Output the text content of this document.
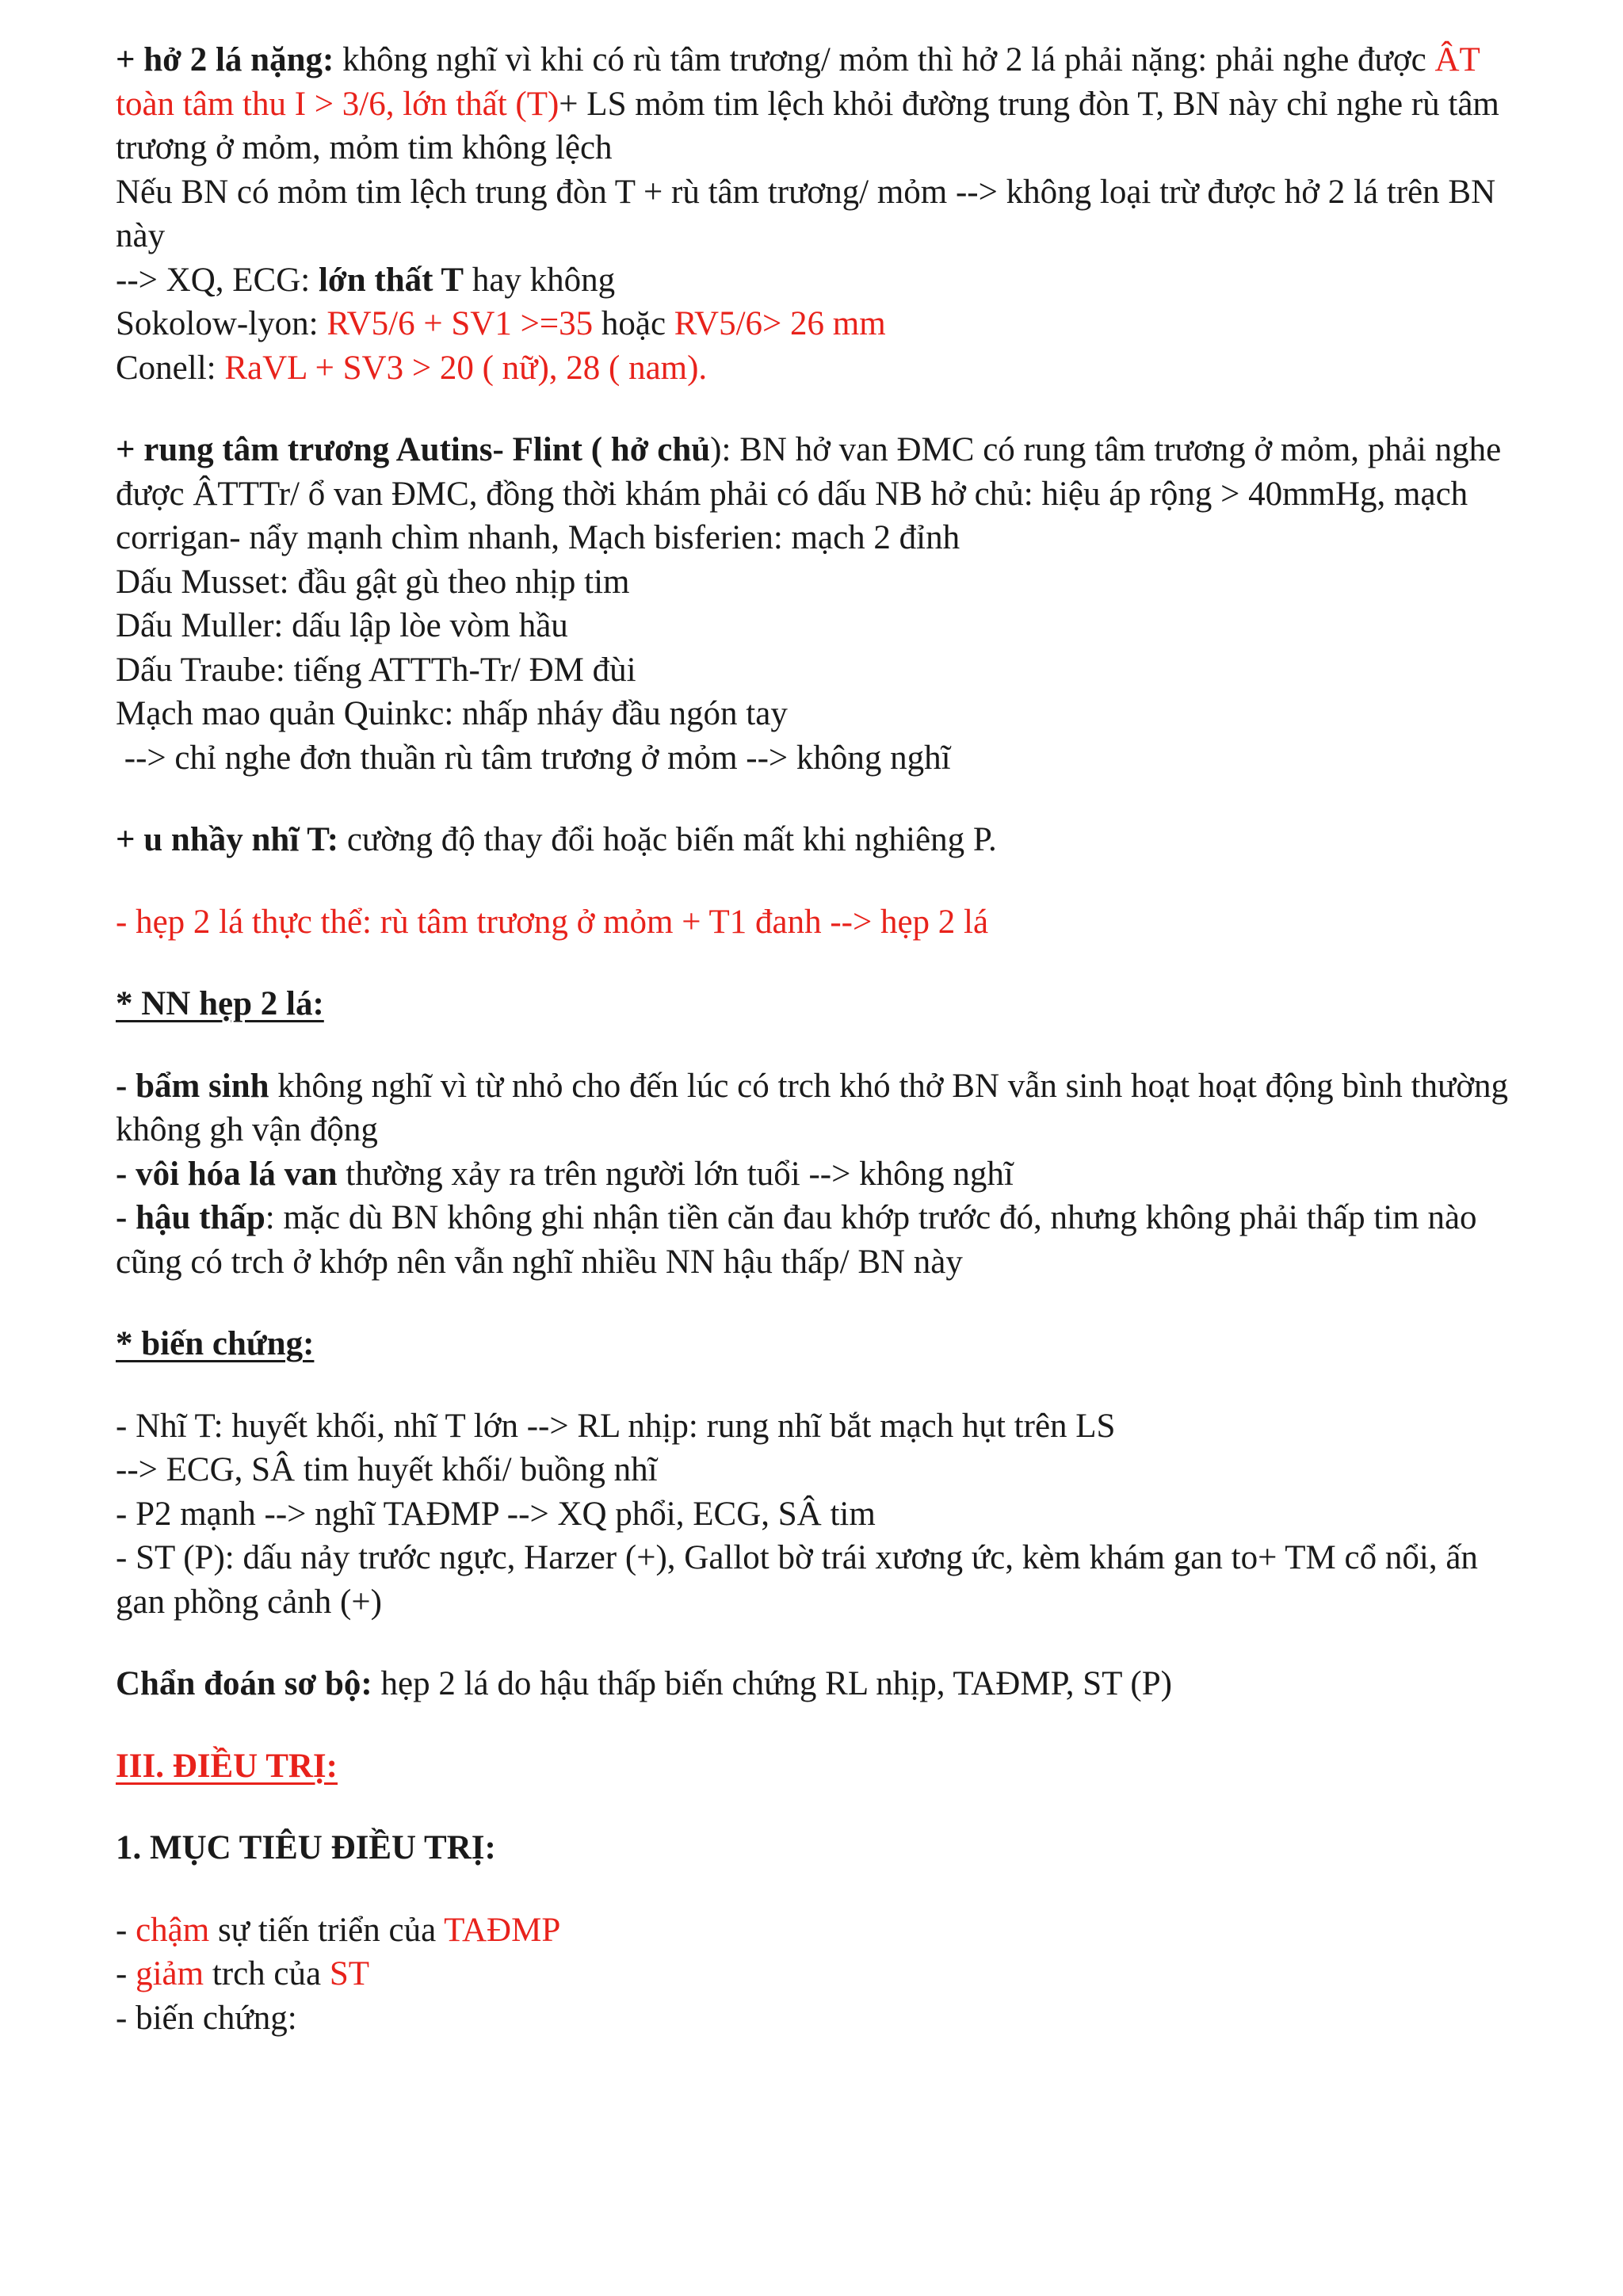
+ hở 2 lá nặng: không nghĩ vì khi có rù tâm trương/ mỏm thì hở 2 lá phải nặng: phải nghe được ÂT toàn tâm thu I > 3/6, lớn thất (T)+ LS mỏm tim lệch khỏi đường trung đòn T, BN này chỉ nghe rù tâm trương ở mỏm, mỏm tim không lệch

Nếu BN có mỏm tim lệch trung đòn T + rù tâm trương/ mỏm --> không loại trừ được hở 2 lá trên BN này

--> XQ, ECG: lớn thất T hay không

Sokolow-lyon: RV5/6 + SV1 >=35 hoặc RV5/6> 26 mm

Conell: RaVL + SV3 > 20 ( nữ), 28 ( nam).

+ rung tâm trương Autins- Flint ( hở chủ): BN hở van ĐMC có rung tâm trương ở mỏm, phải nghe được ÂTTTr/ ổ van ĐMC, đồng thời khám phải có dấu NB hở chủ: hiệu áp rộng > 40mmHg, mạch corrigan- nẩy mạnh chìm nhanh, Mạch bisferien: mạch 2 đỉnh

Dấu Musset: đầu gật gù theo nhịp tim

Dấu Muller: dấu lập lòe vòm hầu

Dấu Traube: tiếng ATTTh-Tr/ ĐM đùi

Mạch mao quản Quinkc: nhấp nháy đầu ngón tay

--> chỉ nghe đơn thuần rù tâm trương ở mỏm --> không nghĩ

+ u nhầy nhĩ T: cường độ thay đổi hoặc biến mất khi nghiêng P.

- hẹp 2 lá thực thể: rù tâm trương ở mỏm + T1 đanh --> hẹp 2 lá

* NN hẹp 2 lá:

- bẩm sinh không nghĩ vì từ nhỏ cho đến lúc có trch khó thở BN vẫn sinh hoạt hoạt động bình thường không gh vận động

- vôi hóa lá van thường xảy ra trên người lớn tuổi --> không nghĩ

- hậu thấp: mặc dù BN không ghi nhận tiền căn đau khớp trước đó, nhưng không phải thấp tim nào cũng có trch ở khớp nên vẫn nghĩ nhiều NN hậu thấp/ BN này

* biến chứng:

- Nhĩ T: huyết khối, nhĩ T lớn --> RL nhịp: rung nhĩ bắt mạch hụt trên LS

--> ECG, SÂ tim huyết khối/ buồng nhĩ

- P2 mạnh --> nghĩ TAĐMP --> XQ phổi, ECG, SÂ tim

- ST (P): dấu nảy trước ngực, Harzer (+), Gallot bờ trái xương ức, kèm khám gan to+ TM cổ nổi, ấn gan phồng cảnh (+)

Chẩn đoán sơ bộ: hẹp 2 lá do hậu thấp biến chứng RL nhịp, TAĐMP, ST (P)

III. ĐIỀU TRỊ:

1. MỤC TIÊU ĐIỀU TRỊ:

- chậm sự tiến triển của TAĐMP

- giảm trch của ST

- biến chứng:
